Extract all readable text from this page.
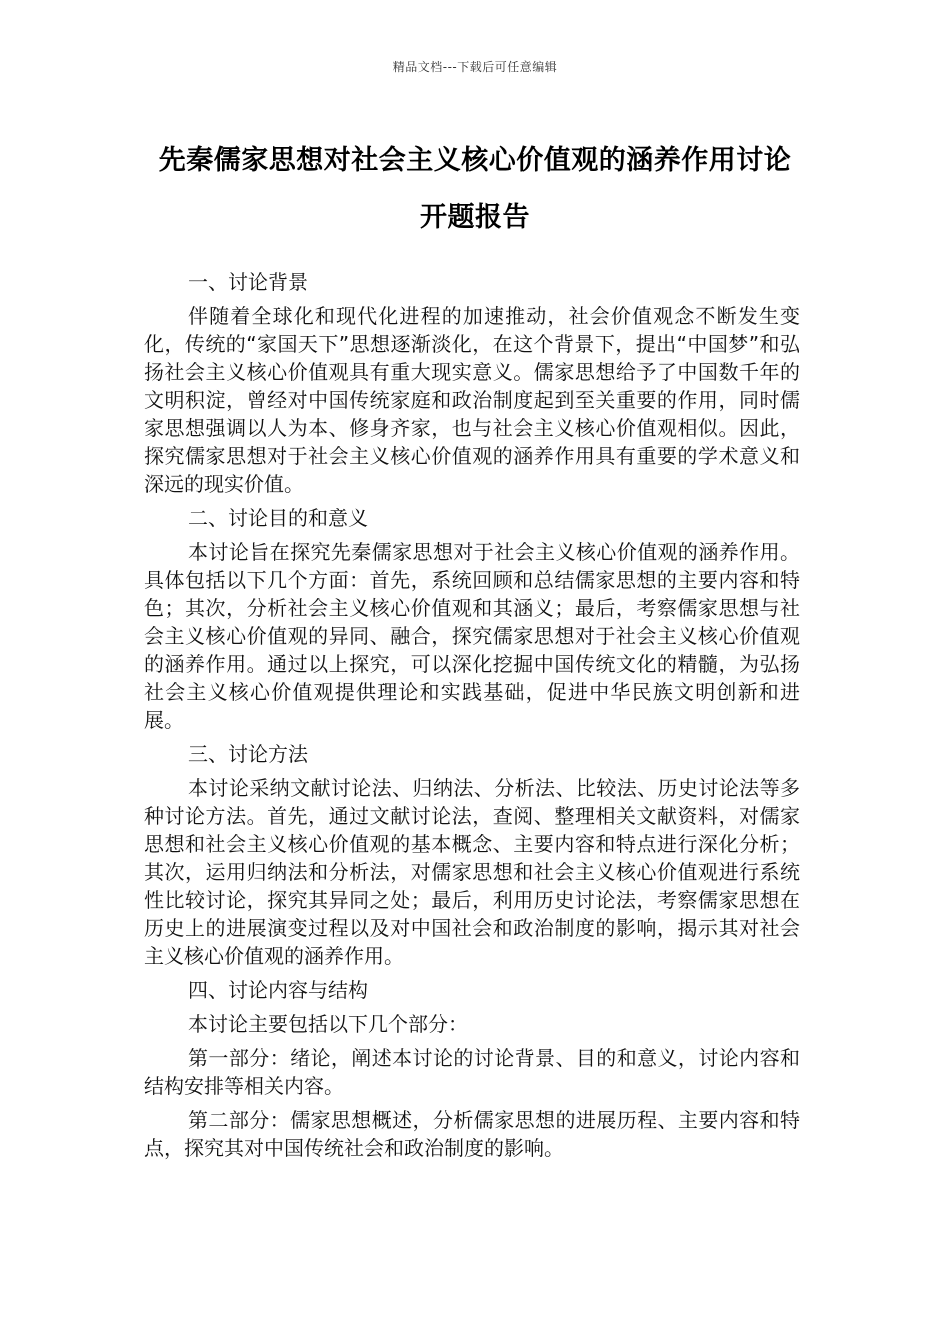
精品文档---下载后可任意编辑
先秦儒家思想对社会主义核心价值观的涵养作用讨论
开题报告
一、讨论背景

伴随着全球化和现代化进程的加速推动，社会价值观念不断发生变化，传统的“家国天下”思想逐渐淡化，在这个背景下，提出“中国梦”和弘扬社会主义核心价值观具有重大现实意义。儒家思想给予了中国数千年的文明积淀，曾经对中国传统家庭和政治制度起到至关重要的作用，同时儒家思想强调以人为本、修身齐家，也与社会主义核心价值观相似。因此，探究儒家思想对于社会主义核心价值观的涵养作用具有重要的学术意义和深远的现实价值。

二、讨论目的和意义

本讨论旨在探究先秦儒家思想对于社会主义核心价值观的涵养作用。具体包括以下几个方面：首先，系统回顾和总结儒家思想的主要内容和特色；其次，分析社会主义核心价值观和其涵义；最后，考察儒家思想与社会主义核心价值观的异同、融合，探究儒家思想对于社会主义核心价值观的涵养作用。通过以上探究，可以深化挖掘中国传统文化的精髓，为弘扬社会主义核心价值观提供理论和实践基础，促进中华民族文明创新和进展。

三、讨论方法

本讨论采纳文献讨论法、归纳法、分析法、比较法、历史讨论法等多种讨论方法。首先，通过文献讨论法，查阅、整理相关文献资料，对儒家思想和社会主义核心价值观的基本概念、主要内容和特点进行深化分析；其次，运用归纳法和分析法，对儒家思想和社会主义核心价值观进行系统性比较讨论，探究其异同之处；最后，利用历史讨论法，考察儒家思想在历史上的进展演变过程以及对中国社会和政治制度的影响，揭示其对社会主义核心价值观的涵养作用。

四、讨论内容与结构

本讨论主要包括以下几个部分：

第一部分：绪论，阐述本讨论的讨论背景、目的和意义，讨论内容和结构安排等相关内容。

第二部分：儒家思想概述，分析儒家思想的进展历程、主要内容和特点，探究其对中国传统社会和政治制度的影响。
